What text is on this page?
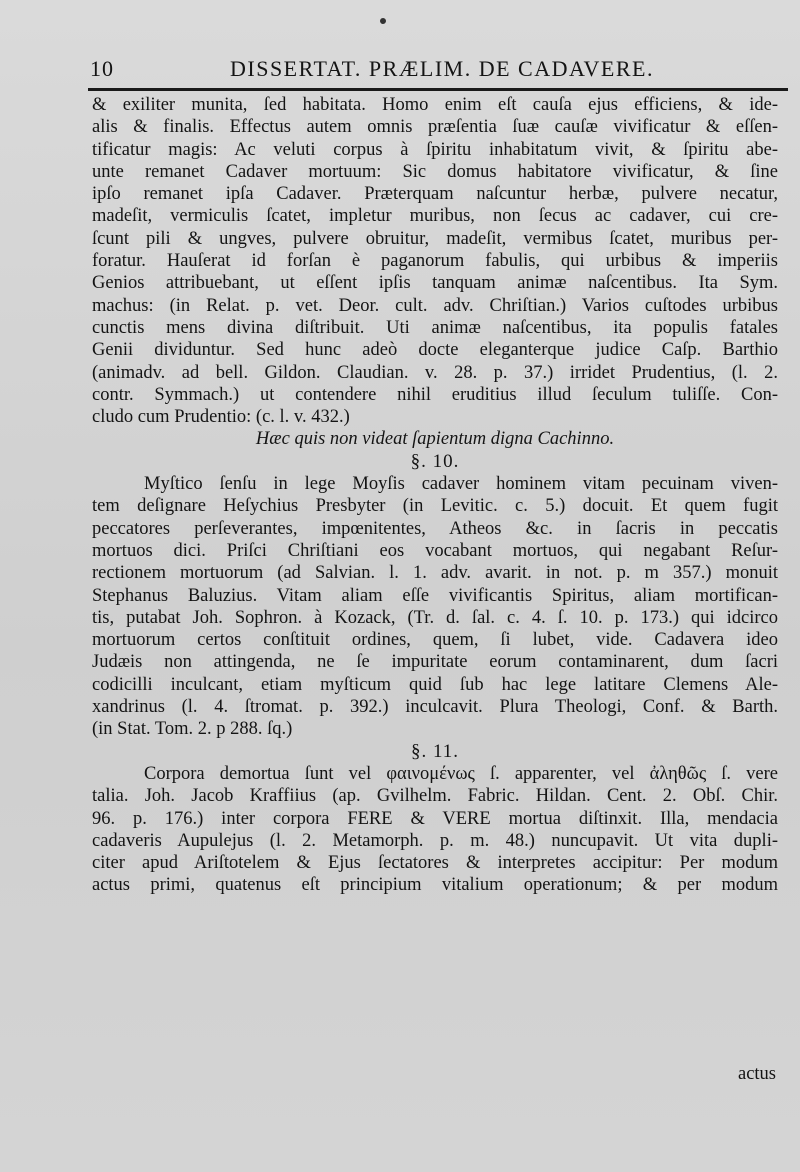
10	DISSERTAT. PRÆLIM. DE CADAVERE.
& exiliter munita, ſed habitata. Homo enim eſt cauſa ejus efficiens, & ide-
alis & finalis. Effectus autem omnis præſentia ſuæ cauſæ vivificatur & eſſen-
tificatur magis: Ac veluti corpus à ſpiritu inhabitatum vivit, & ſpiritu abe-
unte remanet Cadaver mortuum: Sic domus habitatore vivificatur, & ſine
ipſo remanet ipſa Cadaver. Præterquam naſcuntur herbæ, pulvere necatur,
madeſit, vermiculis ſcatet, impletur muribus, non ſecus ac cadaver, cui cre-
ſcunt pili & ungves, pulvere obruitur, madeſit, vermibus ſcatet, muribus per-
foratur. Hauſerat id forſan è paganorum fabulis, qui urbibus & imperiis
Genios attribuebant, ut eſſent ipſis tanquam animæ naſcentibus. Ita Sym.
machus: (in Relat. p. vet. Deor. cult. adv. Chriſtian.) Varios cuſtodes urbibus
cunctis mens divina diſtribuit. Uti animæ naſcentibus, ita populis fatales
Genii dividuntur. Sed hunc adeò docte eleganterque judice Caſp. Barthio
(animadv. ad bell. Gildon. Claudian. v. 28. p. 37.) irridet Prudentius, (l. 2.
contr. Symmach.) ut contendere nihil eruditius illud ſeculum tuliſſe. Con-
cludo cum Prudentio: (c. l. v. 432.)
Hæc quis non videat ſapientum digna Cachinno.
§. 10.
Myſtico ſenſu in lege Moyſis cadaver hominem vitam pecuinam viven-
tem deſignare Heſychius Presbyter (in Levitic. c. 5.) docuit. Et quem fugit
peccatores perſeverantes, impœnitentes, Atheos &c. in ſacris in peccatis
mortuos dici. Priſci Chriſtiani eos vocabant mortuos, qui negabant Reſur-
rectionem mortuorum (ad Salvian. l. 1. adv. avarit. in not. p. m 357.) monuit
Stephanus Baluzius. Vitam aliam eſſe vivificantis Spiritus, aliam mortifican-
tis, putabat Joh. Sophron. à Kozack, (Tr. d. ſal. c. 4. ſ. 10. p. 173.) qui idcirco
mortuorum certos conſtituit ordines, quem, ſi lubet, vide. Cadavera ideo
Judæis non attingenda, ne ſe impuritate eorum contaminarent, dum ſacri
codicilli inculcant, etiam myſticum quid ſub hac lege latitare Clemens Ale-
xandrinus (l. 4. ſtromat. p. 392.) inculcavit. Plura Theologi, Conf. & Barth.
(in Stat. Tom. 2. p 288. ſq.)
§. 11.
Corpora demortua ſunt vel φαινομένως ſ. apparenter, vel ἀληθῶς ſ. vere
talia. Joh. Jacob Kraffiius (ap. Gvilhelm. Fabric. Hildan. Cent. 2. Obſ. Chir.
96. p. 176.) inter corpora FERE & VERE mortua diſtinxit. Illa, mendacia
cadaveris Aupulejus (l. 2. Metamorph. p. m. 48.) nuncupavit. Ut vita dupli-
citer apud Ariſtotelem & Ejus ſectatores & interpretes accipitur: Per modum
actus primi, quatenus eſt principium vitalium operationum; & per modum
actus
